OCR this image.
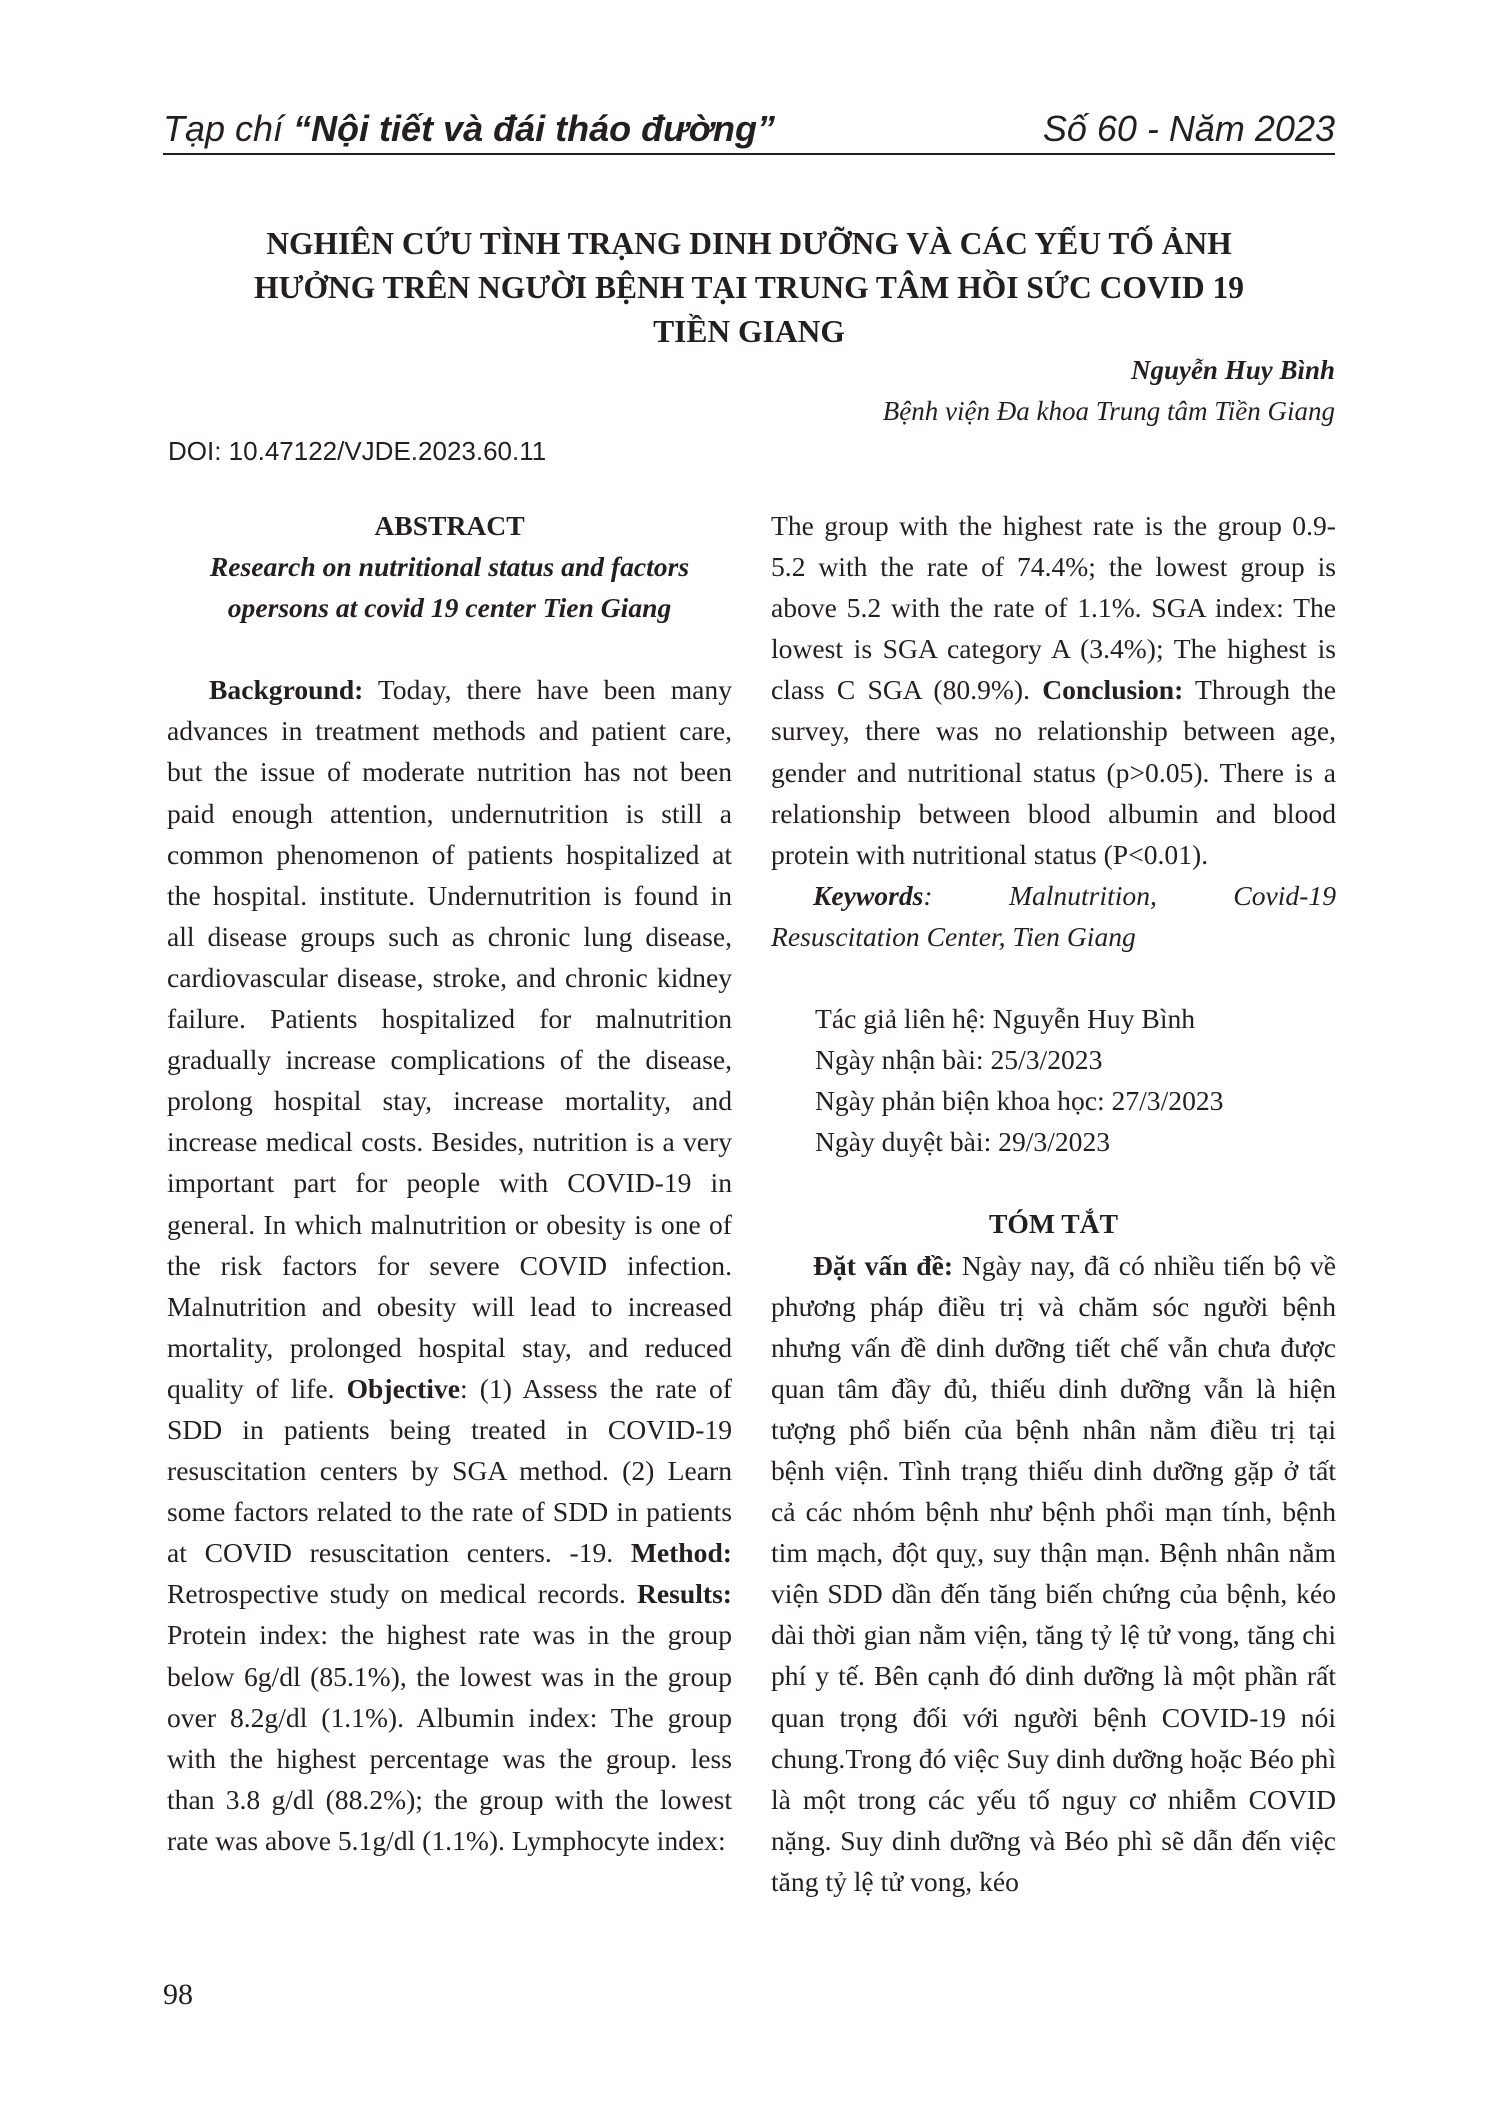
Tạp chí “Nội tiết và đái tháo đường”	Số 60 - Năm 2023
NGHIÊN CỨU TÌNH TRẠNG DINH DƯỠNG VÀ CÁC YẾU TỐ ẢNH
HƯỞNG TRÊN NGƯỜI BỆNH TẠI TRUNG TÂM HỒI SỨC COVID 19
TIỀN GIANG
Nguyễn Huy Bình
Bệnh viện Đa khoa Trung tâm Tiền Giang
DOI: 10.47122/VJDE.2023.60.11
ABSTRACT
Research on nutritional status and factors
opersons at covid 19 center Tien Giang
Background: Today, there have been many advances in treatment methods and patient care, but the issue of moderate nutrition has not been paid enough attention, undernutrition is still a common phenomenon of patients hospitalized at the hospital. institute. Undernutrition is found in all disease groups such as chronic lung disease, cardiovascular disease, stroke, and chronic kidney failure. Patients hospitalized for malnutrition gradually increase complications of the disease, prolong hospital stay, increase mortality, and increase medical costs. Besides, nutrition is a very important part for people with COVID-19 in general. In which malnutrition or obesity is one of the risk factors for severe COVID infection. Malnutrition and obesity will lead to increased mortality, prolonged hospital stay, and reduced quality of life. Objective: (1) Assess the rate of SDD in patients being treated in COVID-19 resuscitation centers by SGA method. (2) Learn some factors related to the rate of SDD in patients at COVID resuscitation centers. -19. Method: Retrospective study on medical records. Results: Protein index: the highest rate was in the group below 6g/dl (85.1%), the lowest was in the group over 8.2g/dl (1.1%). Albumin index: The group with the highest percentage was the group. less than 3.8 g/dl (88.2%); the group with the lowest rate was above 5.1g/dl (1.1%). Lymphocyte index:
The group with the highest rate is the group 0.9-5.2 with the rate of 74.4%; the lowest group is above 5.2 with the rate of 1.1%. SGA index: The lowest is SGA category A (3.4%); The highest is class C SGA (80.9%). Conclusion: Through the survey, there was no relationship between age, gender and nutritional status (p>0.05). There is a relationship between blood albumin and blood protein with nutritional status (P<0.01).
Keywords: Malnutrition, Covid-19 Resuscitation Center, Tien Giang
Tác giả liên hệ: Nguyễn Huy Bình
Ngày nhận bài: 25/3/2023
Ngày phản biện khoa học: 27/3/2023
Ngày duyệt bài: 29/3/2023
TÓM TẮT
Đặt vấn đề: Ngày nay, đã có nhiều tiến bộ về phương pháp điều trị và chăm sóc người bệnh nhưng vấn đề dinh dưỡng tiết chế vẫn chưa được quan tâm đầy đủ, thiếu dinh dưỡng vẫn là hiện tượng phổ biến của bệnh nhân nằm điều trị tại bệnh viện. Tình trạng thiếu dinh dưỡng gặp ở tất cả các nhóm bệnh như bệnh phổi mạn tính, bệnh tim mạch, đột quỵ, suy thận mạn. Bệnh nhân nằm viện SDD dần đến tăng biến chứng của bệnh, kéo dài thời gian nằm viện, tăng tỷ lệ tử vong, tăng chi phí y tế. Bên cạnh đó dinh dưỡng là một phần rất quan trọng đối với người bệnh COVID-19 nói chung.Trong đó việc Suy dinh dưỡng hoặc Béo phì là một trong các yếu tố nguy cơ nhiễm COVID nặng. Suy dinh dưỡng và Béo phì sẽ dẫn đến việc tăng tỷ lệ tử vong, kéo
98
